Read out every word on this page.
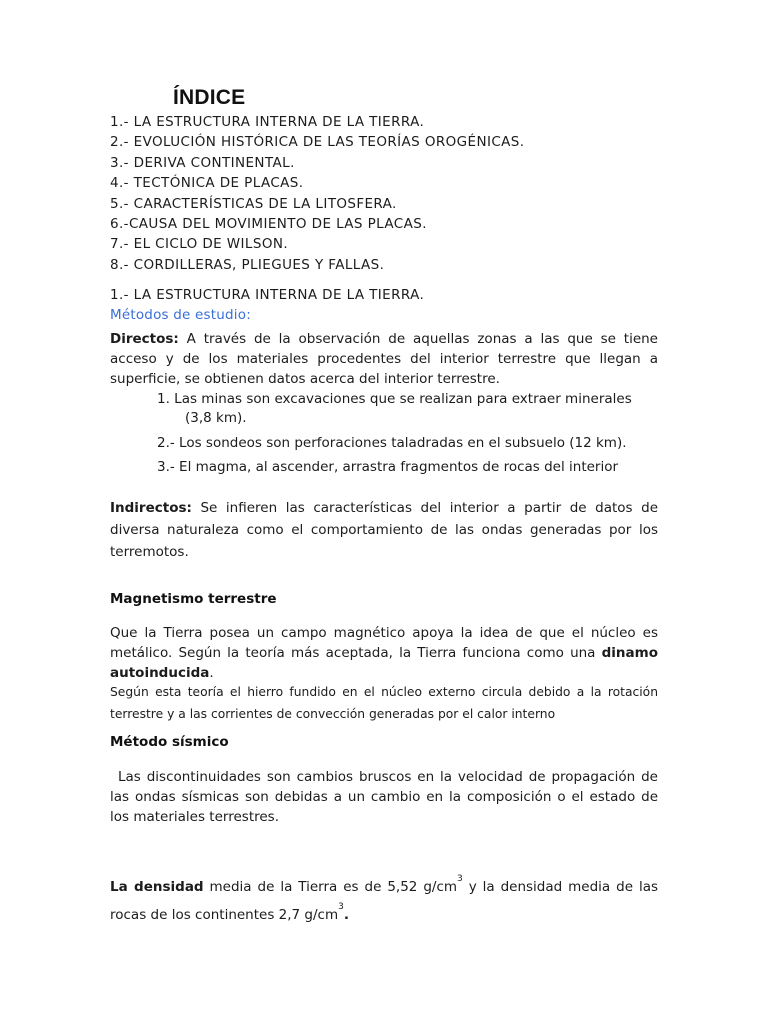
ÍNDICE
1.- LA ESTRUCTURA INTERNA DE LA TIERRA.
2.- EVOLUCIÓN HISTÓRICA DE LAS TEORÍAS OROGÉNICAS.
3.- DERIVA CONTINENTAL.
4.- TECTÓNICA DE PLACAS.
5.- CARACTERÍSTICAS DE LA LITOSFERA.
6.-CAUSA DEL MOVIMIENTO DE LAS PLACAS.
7.- EL CICLO DE WILSON.
8.- CORDILLERAS, PLIEGUES Y FALLAS.
1.- LA ESTRUCTURA INTERNA DE LA TIERRA.
Métodos de estudio:

Directos: A través de la observación de aquellas zonas a las que se tiene acceso y de los materiales procedentes del interior terrestre que llegan a superficie, se obtienen datos acerca del interior terrestre.

1. Las minas son excavaciones que se realizan para extraer minerales
(3,8 km).
2.- Los sondeos son perforaciones taladradas en el subsuelo (12 km).
3.- El magma, al ascender, arrastra fragmentos de rocas del interior

Indirectos: Se infieren las características del interior a partir de datos de diversa naturaleza como el comportamiento de las ondas generadas por los terremotos.

Magnetismo terrestre

Que la Tierra posea un campo magnético apoya la idea de que el núcleo es metálico. Según la teoría más aceptada, la Tierra funciona como una dinamo autoinducida.

Según esta teoría el hierro fundido en el núcleo externo circula debido a la rotación terrestre y a las corrientes de convección generadas por el calor interno

Método sísmico

Las discontinuidades son cambios bruscos en la velocidad de propagación de las ondas sísmicas son debidas a un cambio en la composición o el estado de los materiales terrestres.

La densidad media de la Tierra es de 5,52 $g/cm^3$ y la densidad media de las rocas de los continentes 2,7 $g/cm^3$.
